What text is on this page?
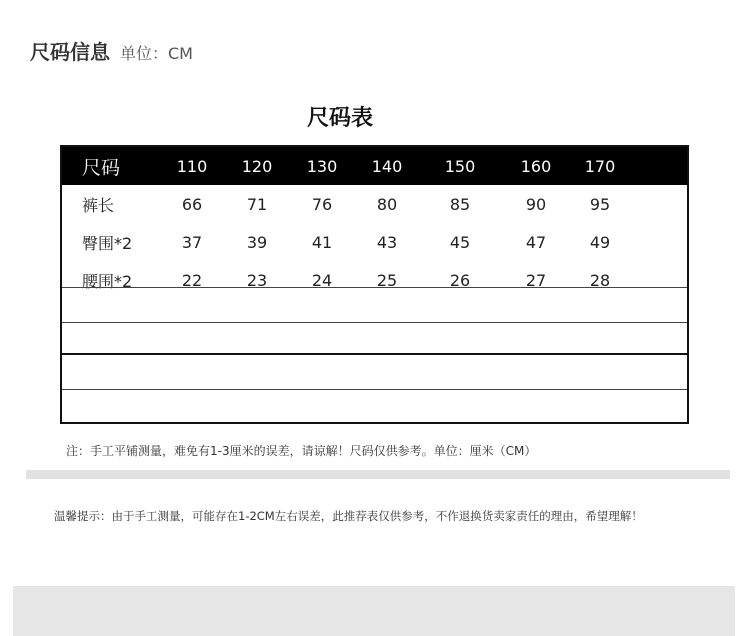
尺码信息 单位：CM
尺码表
尺码	110	120	130	140	150	160	170
裤长	66	71	76	80	85	90	95
臀围*2	37	39	41	43	45	47	49
腰围*2	22	23	24	25	26	27	28
注：手工平铺测量，难免有1-3厘米的误差，请谅解！尺码仅供参考。单位：厘米（CM）
温馨提示：由于手工测量，可能存在1-2CM左右误差，此推荐表仅供参考，不作退换货卖家责任的理由，希望理解！
